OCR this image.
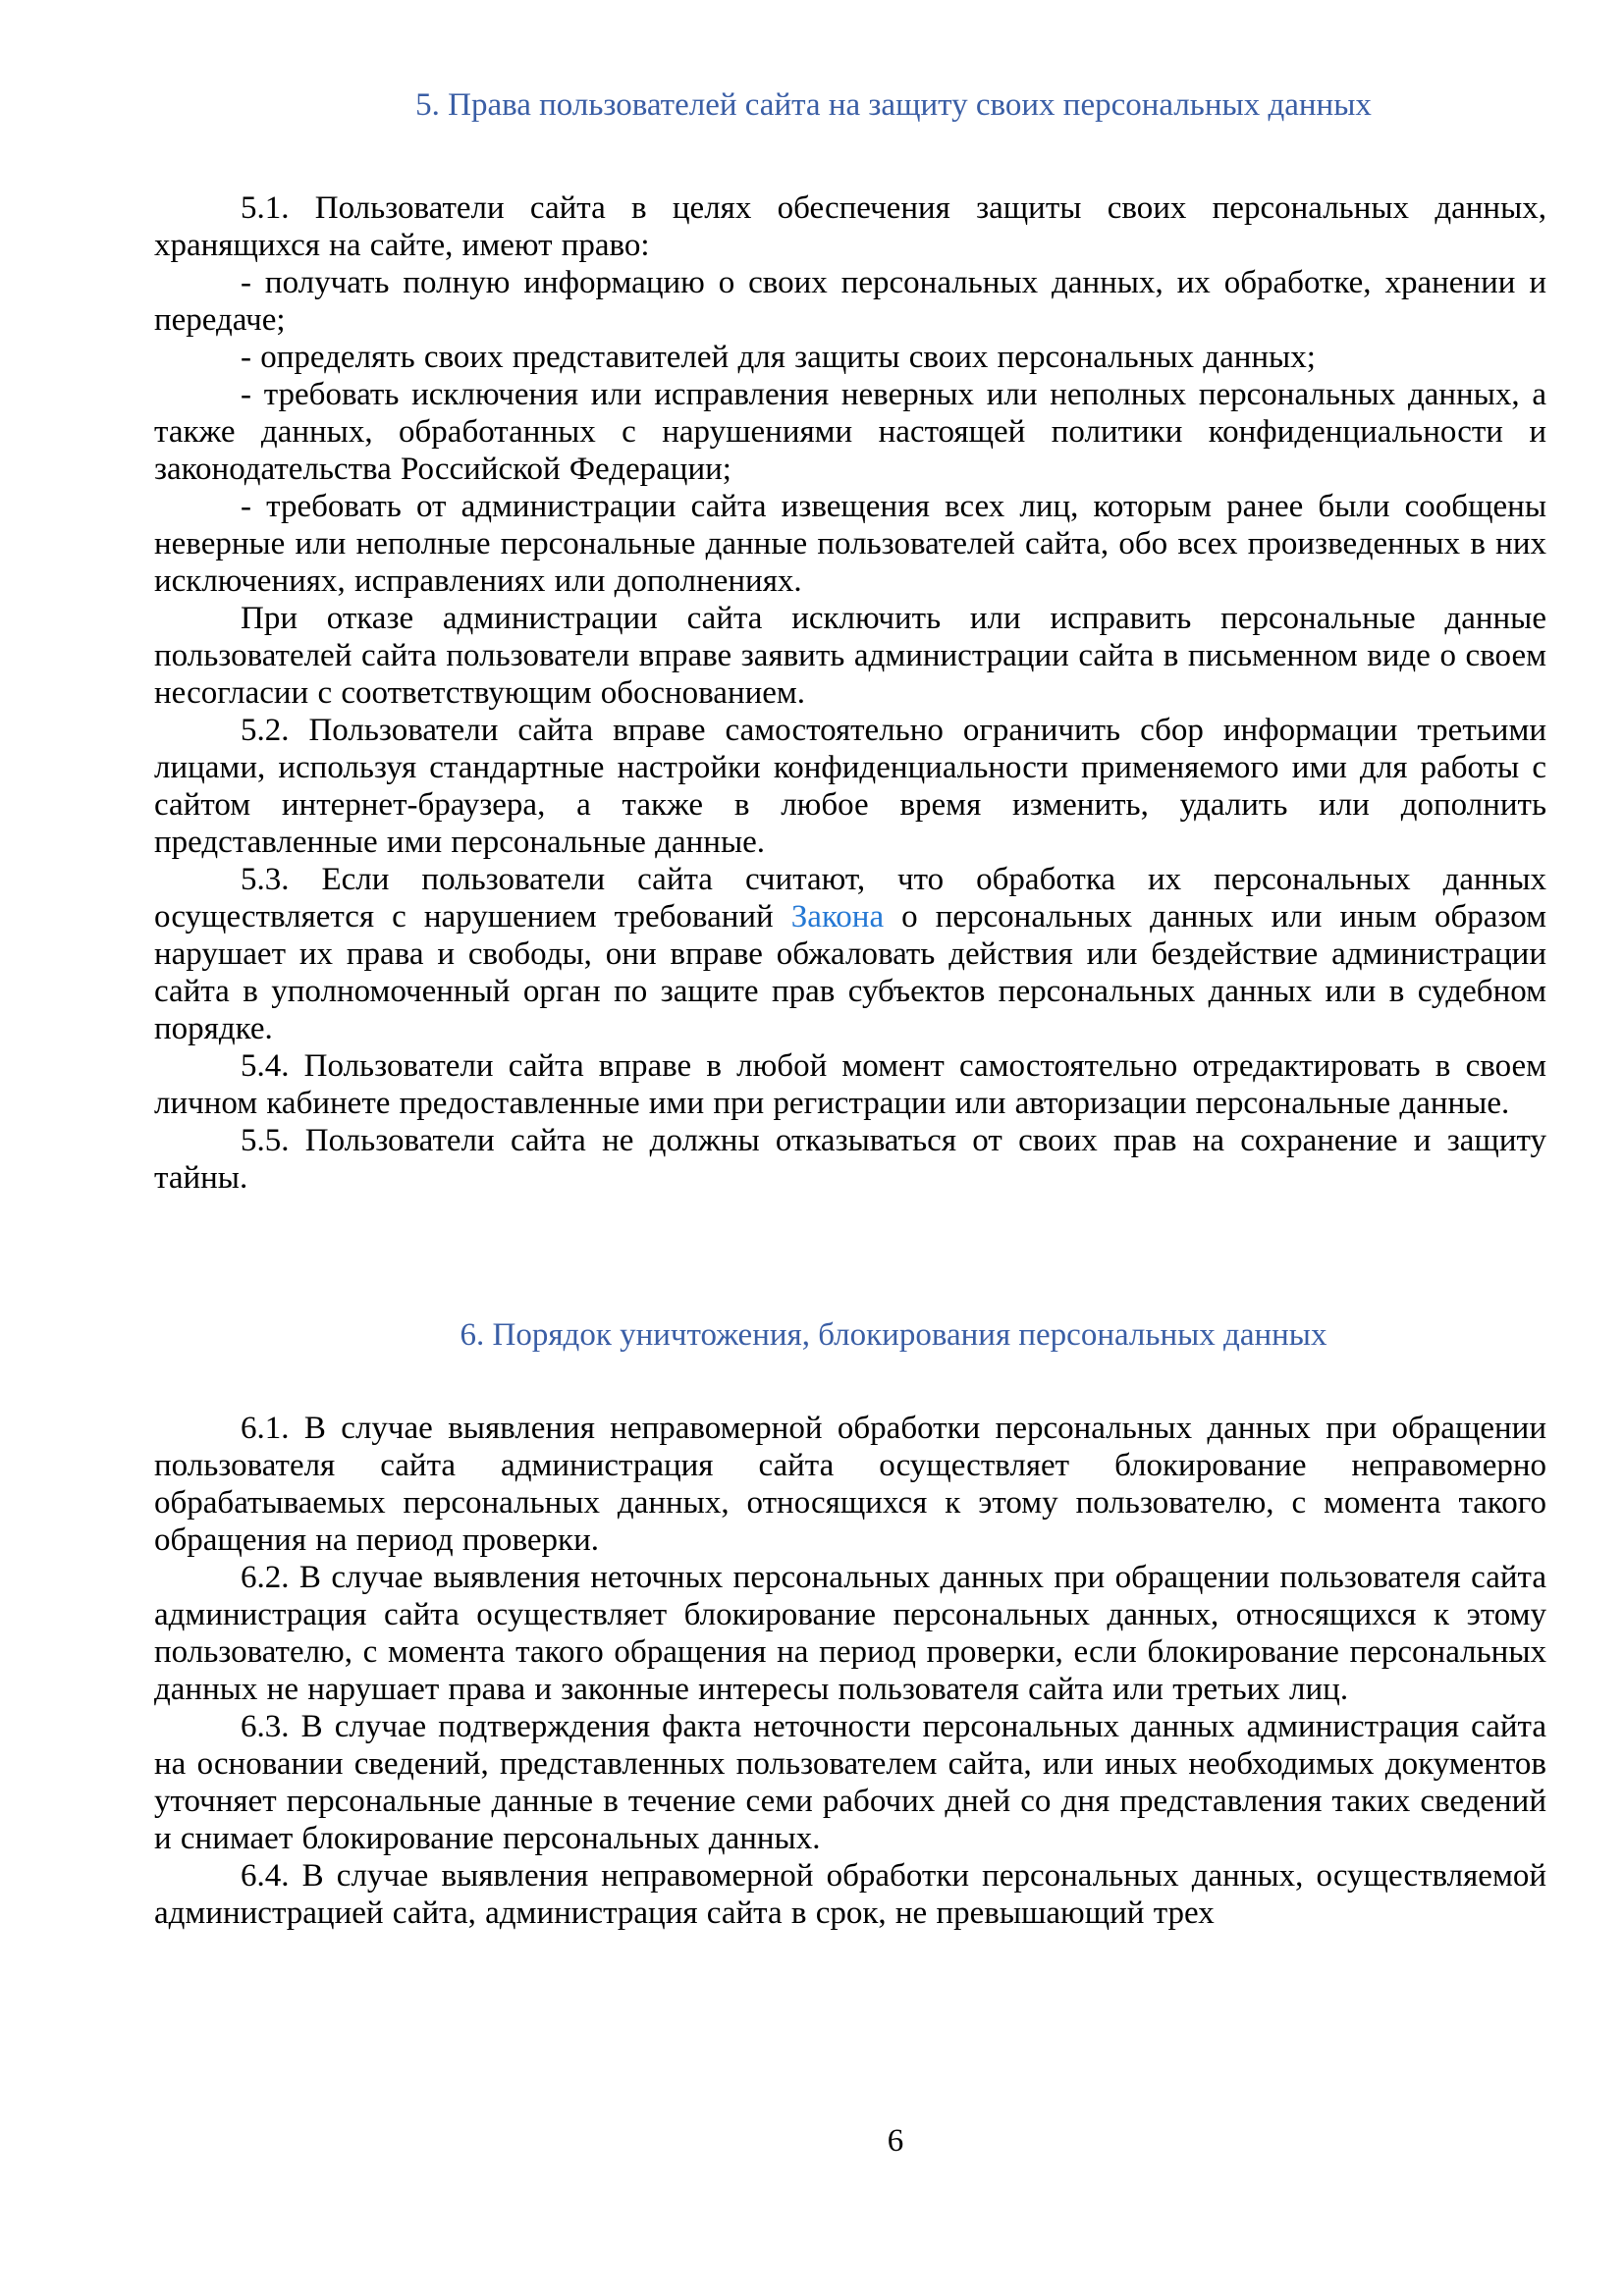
5. Права пользователей сайта на защиту своих персональных данных

5.1. Пользователи сайта в целях обеспечения защиты своих персональных данных, хранящихся на сайте, имеют право:

- получать полную информацию о своих персональных данных, их обработке, хранении и передаче;

- определять своих представителей для защиты своих персональных данных;

- требовать исключения или исправления неверных или неполных персональных данных, а также данных, обработанных с нарушениями настоящей политики конфиденциальности и законодательства Российской Федерации;

- требовать от администрации сайта извещения всех лиц, которым ранее были сообщены неверные или неполные персональные данные пользователей сайта, обо всех произведенных в них исключениях, исправлениях или дополнениях.

При отказе администрации сайта исключить или исправить персональные данные пользователей сайта пользователи вправе заявить администрации сайта в письменном виде о своем несогласии с соответствующим обоснованием.

5.2. Пользователи сайта вправе самостоятельно ограничить сбор информации третьими лицами, используя стандартные настройки конфиденциальности применяемого ими для работы с сайтом интернет-браузера, а также в любое время изменить, удалить или дополнить представленные ими персональные данные.

5.3. Если пользователи сайта считают, что обработка их персональных данных осуществляется с нарушением требований Закона о персональных данных или иным образом нарушает их права и свободы, они вправе обжаловать действия или бездействие администрации сайта в уполномоченный орган по защите прав субъектов персональных данных или в судебном порядке.

5.4. Пользователи сайта вправе в любой момент самостоятельно отредактировать в своем личном кабинете предоставленные ими при регистрации или авторизации персональные данные.

5.5. Пользователи сайта не должны отказываться от своих прав на сохранение и защиту тайны.

6. Порядок уничтожения, блокирования персональных данных

6.1. В случае выявления неправомерной обработки персональных данных при обращении пользователя сайта администрация сайта осуществляет блокирование неправомерно обрабатываемых персональных данных, относящихся к этому пользователю, с момента такого обращения на период проверки.

6.2. В случае выявления неточных персональных данных при обращении пользователя сайта администрация сайта осуществляет блокирование персональных данных, относящихся к этому пользователю, с момента такого обращения на период проверки, если блокирование персональных данных не нарушает права и законные интересы пользователя сайта или третьих лиц.

6.3. В случае подтверждения факта неточности персональных данных администрация сайта на основании сведений, представленных пользователем сайта, или иных необходимых документов уточняет персональные данные в течение семи рабочих дней со дня представления таких сведений и снимает блокирование персональных данных.

6.4. В случае выявления неправомерной обработки персональных данных, осуществляемой администрацией сайта, администрация сайта в срок, не превышающий трех

6
